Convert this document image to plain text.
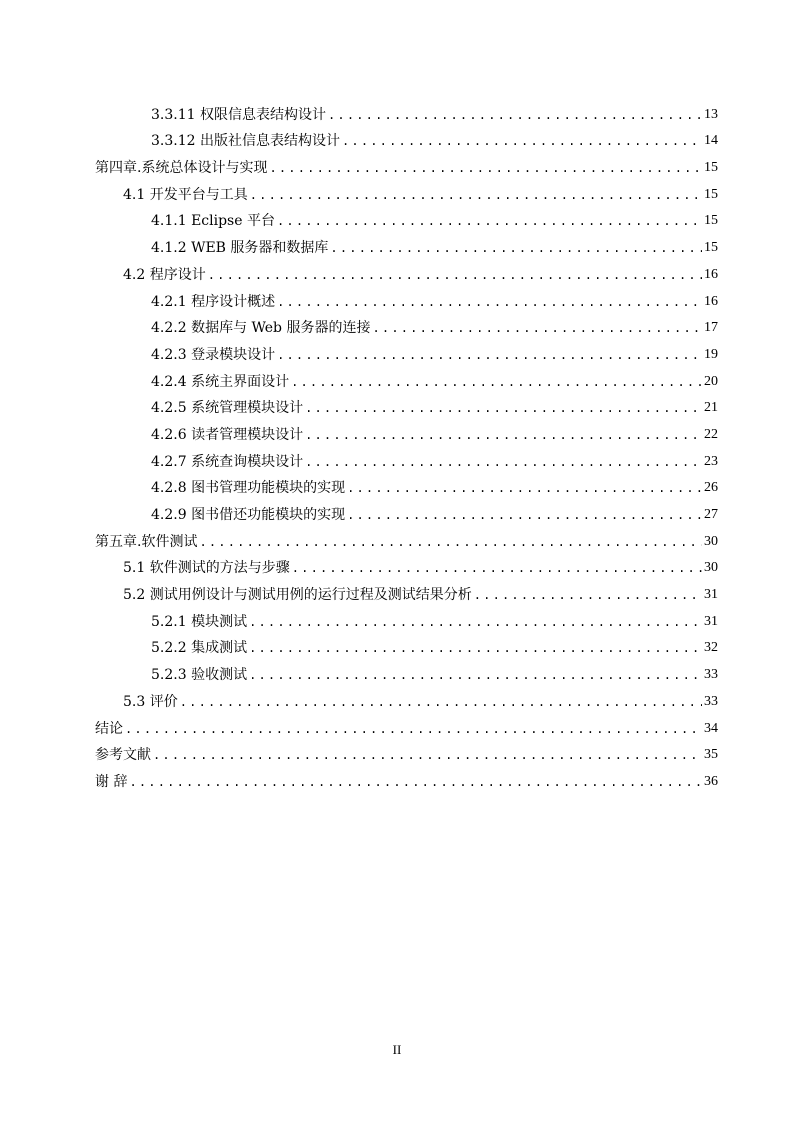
3.3.11 权限信息表结构设计 .....	13
3.3.12 出版社信息表结构设计 .....	14
第四章.系统总体设计与实现 .....	15
4.1 开发平台与工具 .....	15
4.1.1 Eclipse 平台 .....	15
4.1.2 WEB 服务器和数据库 .....	15
4.2 程序设计 .....	16
4.2.1 程序设计概述 .....	16
4.2.2 数据库与 Web 服务器的连接 .....	17
4.2.3 登录模块设计 .....	19
4.2.4 系统主界面设计 .....	20
4.2.5 系统管理模块设计 .....	21
4.2.6 读者管理模块设计 .....	22
4.2.7 系统查询模块设计 .....	23
4.2.8 图书管理功能模块的实现 .....	26
4.2.9 图书借还功能模块的实现 .....	27
第五章.软件测试 .....	30
5.1 软件测试的方法与步骤 .....	30
5.2 测试用例设计与测试用例的运行过程及测试结果分析 .....	31
5.2.1 模块测试 .....	31
5.2.2 集成测试 .....	32
5.2.3 验收测试 .....	33
5.3 评价 .....	33
结论 .....	34
参考文献 .....	35
谢 辞 .....	36
II
